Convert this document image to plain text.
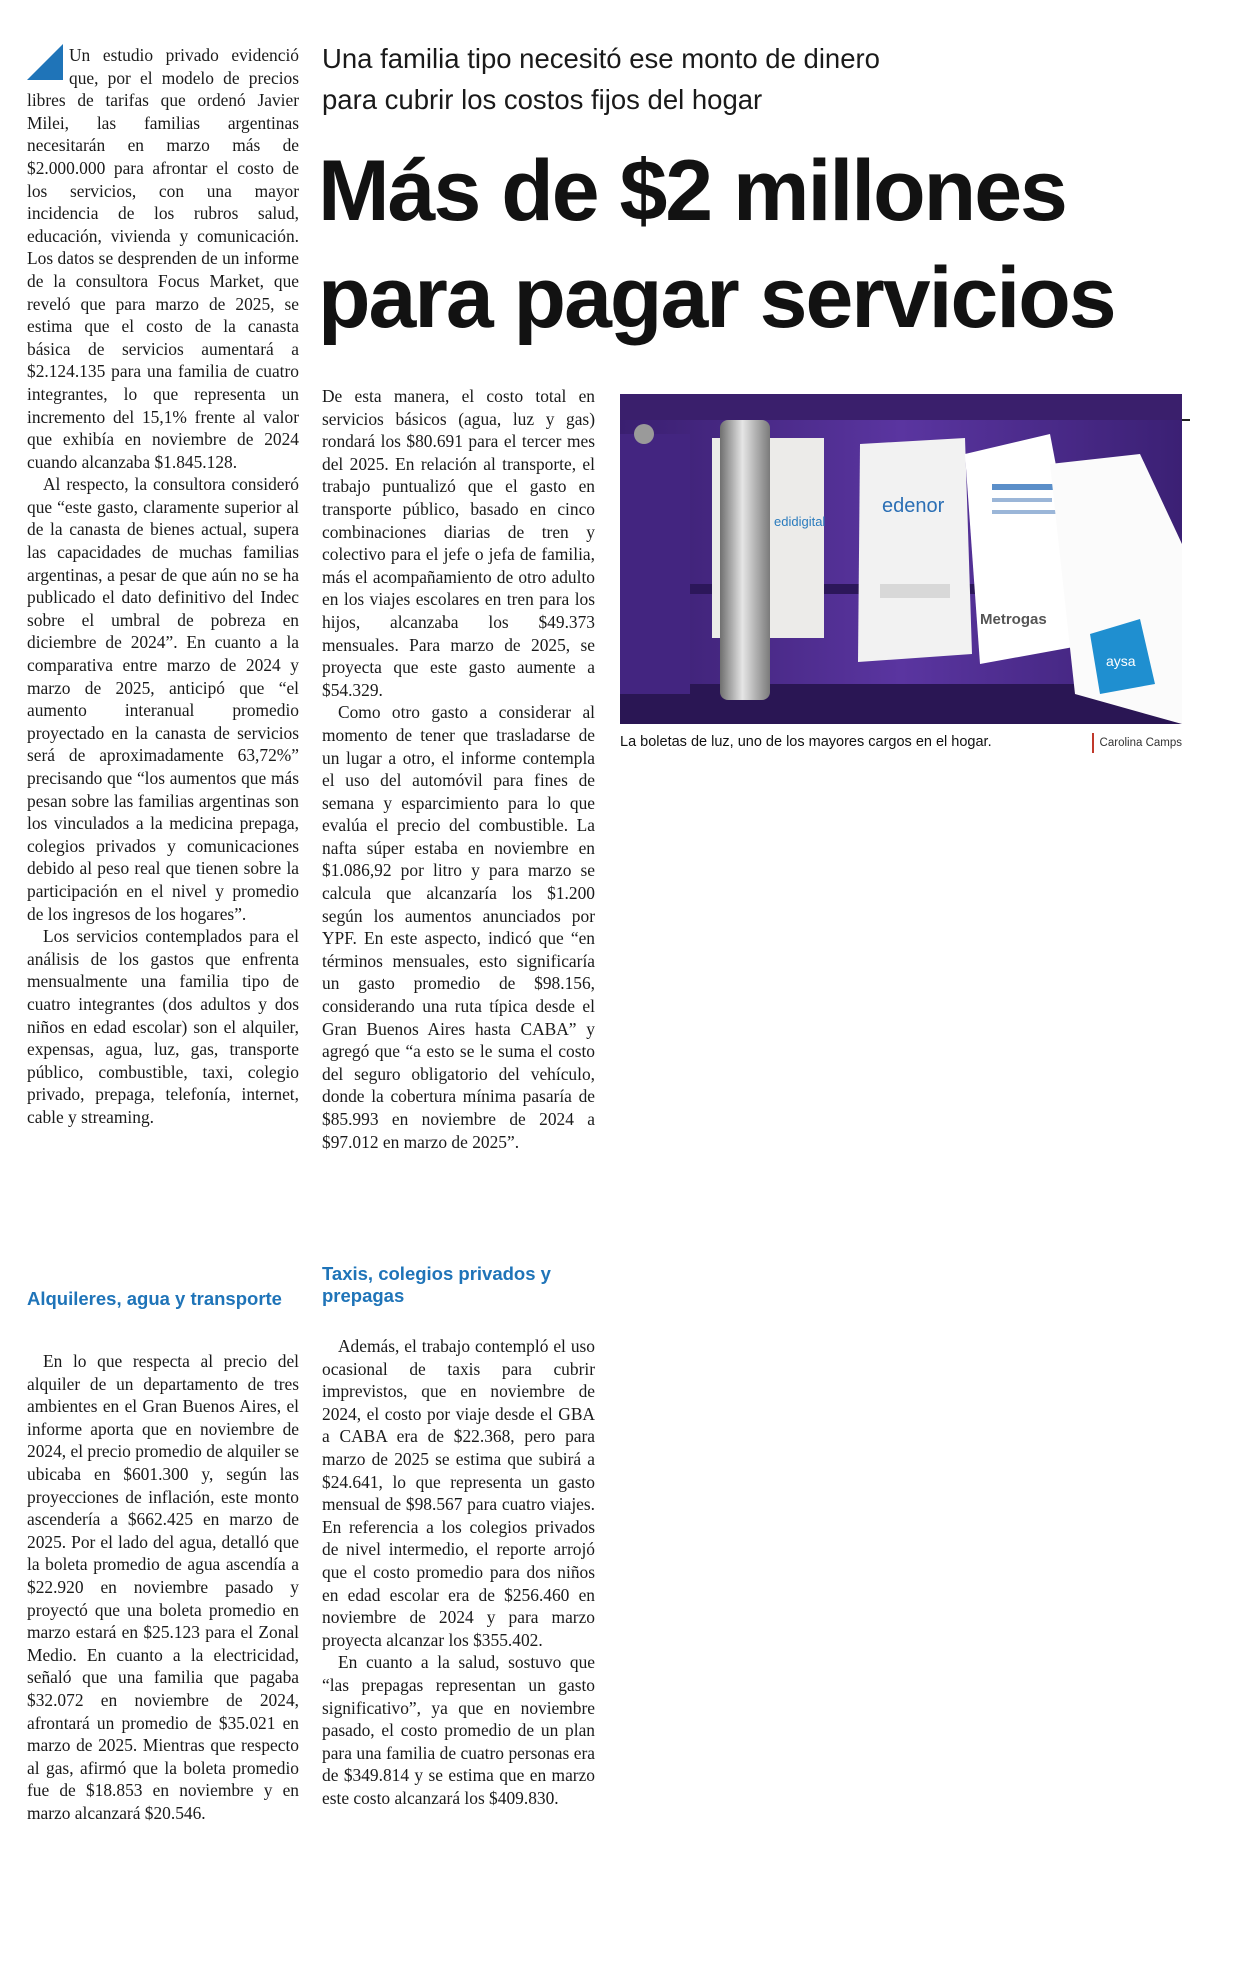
Una familia tipo necesitó ese monto de dinero para cubrir los costos fijos del hogar
Más de $2 millones para pagar servicios

Un estudio privado evidenció que, por el modelo de precios libres de tarifas que ordenó Javier Milei, las familias argentinas necesitarán en marzo más de $2.000.000 para afrontar el costo de los servicios, con una mayor incidencia de los rubros salud, educación, vivienda y comunicación. Los datos se desprenden de un informe de la consultora Focus Market, que reveló que para marzo de 2025, se estima que el costo de la canasta básica de servicios aumentará a $2.124.135 para una familia de cuatro integrantes, lo que representa un incremento del 15,1% frente al valor que exhibía en noviembre de 2024 cuando alcanzaba $1.845.128.

Al respecto, la consultora consideró que “este gasto, claramente superior al de la canasta de bienes actual, supera las capacidades de muchas familias argentinas, a pesar de que aún no se ha publicado el dato definitivo del Indec sobre el umbral de pobreza en diciembre de 2024”. En cuanto a la comparativa entre marzo de 2024 y marzo de 2025, anticipó que “el aumento interanual promedio proyectado en la canasta de servicios será de aproximadamente 63,72%” precisando que “los aumentos que más pesan sobre las familias argentinas son los vinculados a la medicina prepaga, colegios privados y comunicaciones debido al peso real que tienen sobre la participación en el nivel y promedio de los ingresos de los hogares”.

Los servicios contemplados para el análisis de los gastos que enfrenta mensualmente una familia tipo de cuatro integrantes (dos adultos y dos niños en edad escolar) son el alquiler, expensas, agua, luz, gas, transporte público, combustible, taxi, colegio privado, prepaga, telefonía, internet, cable y streaming.

Alquileres, agua y transporte

En lo que respecta al precio del alquiler de un departamento de tres ambientes en el Gran Buenos Aires, el informe aporta que en noviembre de 2024, el precio promedio de alquiler se ubicaba en $601.300 y, según las proyecciones de inflación, este monto ascendería a $662.425 en marzo de 2025. Por el lado del agua, detalló que la boleta promedio de agua ascendía a $22.920 en noviembre pasado y proyectó que una boleta promedio en marzo estará en $25.123 para el Zonal Medio. En cuanto a la electricidad, señaló que una familia que pagaba $32.072 en noviembre de 2024, afrontará un promedio de $35.021 en marzo de 2025. Mientras que respecto al gas, afirmó que la boleta promedio fue de $18.853 en noviembre y en marzo alcanzará $20.546.

De esta manera, el costo total en servicios básicos (agua, luz y gas) rondará los $80.691 para el tercer mes del 2025. En relación al transporte, el trabajo puntualizó que el gasto en transporte público, basado en cinco combinaciones diarias de tren y colectivo para el jefe o jefa de familia, más el acompañamiento de otro adulto en los viajes escolares en tren para los hijos, alcanzaba los $49.373 mensuales. Para marzo de 2025, se proyecta que este gasto aumente a $54.329.

Como otro gasto a considerar al momento de tener que trasladarse de un lugar a otro, el informe contempla el uso del automóvil para fines de semana y esparcimiento para lo que evalúa el precio del combustible. La nafta súper estaba en noviembre en $1.086,92 por litro y para marzo se calcula que alcanzaría los $1.200 según los aumentos anunciados por YPF. En este aspecto, indicó que “en términos mensuales, esto significaría un gasto promedio de $98.156, considerando una ruta típica desde el Gran Buenos Aires hasta CABA” y agregó que “a esto se le suma el costo del seguro obligatorio del vehículo, donde la cobertura mínima pasaría de $85.993 en noviembre de 2024 a $97.012 en marzo de 2025”.

Taxis, colegios privados y prepagas

Además, el trabajo contempló el uso ocasional de taxis para cubrir imprevistos, que en noviembre de 2024, el costo por viaje desde el GBA a CABA era de $22.368, pero para marzo de 2025 se estima que subirá a $24.641, lo que representa un gasto mensual de $98.567 para cuatro viajes. En referencia a los colegios privados de nivel intermedio, el reporte arrojó que el costo promedio para dos niños en edad escolar era de $256.460 en noviembre de 2024 y para marzo proyecta alcanzar los $355.402.

En cuanto a la salud, sostuvo que “las prepagas representan un gasto significativo”, ya que en noviembre pasado, el costo promedio de un plan para una familia de cuatro personas era de $349.814 y se estima que en marzo este costo alcanzará los $409.830.

edidigital
edenor
Metrogas
aysa
La boletas de luz, uno de los mayores cargos en el hogar.	Carolina Camps
